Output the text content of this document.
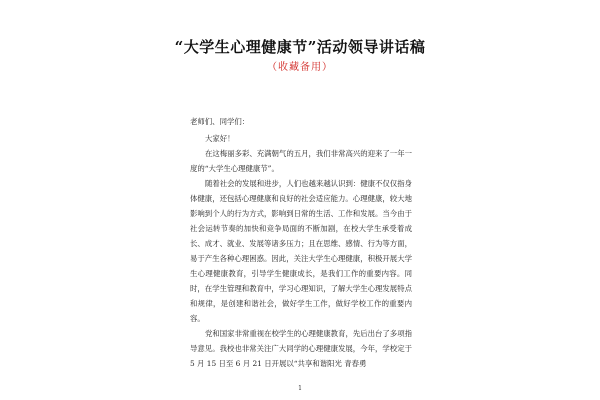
“大学生心理健康节”活动领导讲话稿
（收藏备用）

老师们、同学们：

大家好！

在这梅丽多彩、充满朝气的五月，我们非常高兴的迎来了一年一度的“大学生心理健康节”。

随着社会的发展和进步，人们也越来越认识到：健康不仅仅指身体健康，还包括心理健康和良好的社会适应能力。心理健康，较大地影响到个人的行为方式，影响到日常的生活、工作和发展。当今由于社会运转节奏的加快和竞争局面的不断加剧，在校大学生承受着成长、成才、就业、发展等诸多压力；且在思维、感情、行为等方面，易于产生各种心理困惑。因此，关注大学生心理健康，积极开展大学生心理健康教育，引导学生健康成长，是我们工作的重要内容。同时，在学生管理和教育中，学习心理知识，了解大学生心理发展特点和规律，是创建和谐社会，做好学生工作，做好学校工作的重要内容。

党和国家非常重视在校学生的心理健康教育，先后出台了多项指导意见。我校也非常关注广大同学的心理健康发展，今年，学校定于 5 月 15 日至 6 月 21 日开展以“共享和谐阳光 青春勇

1
